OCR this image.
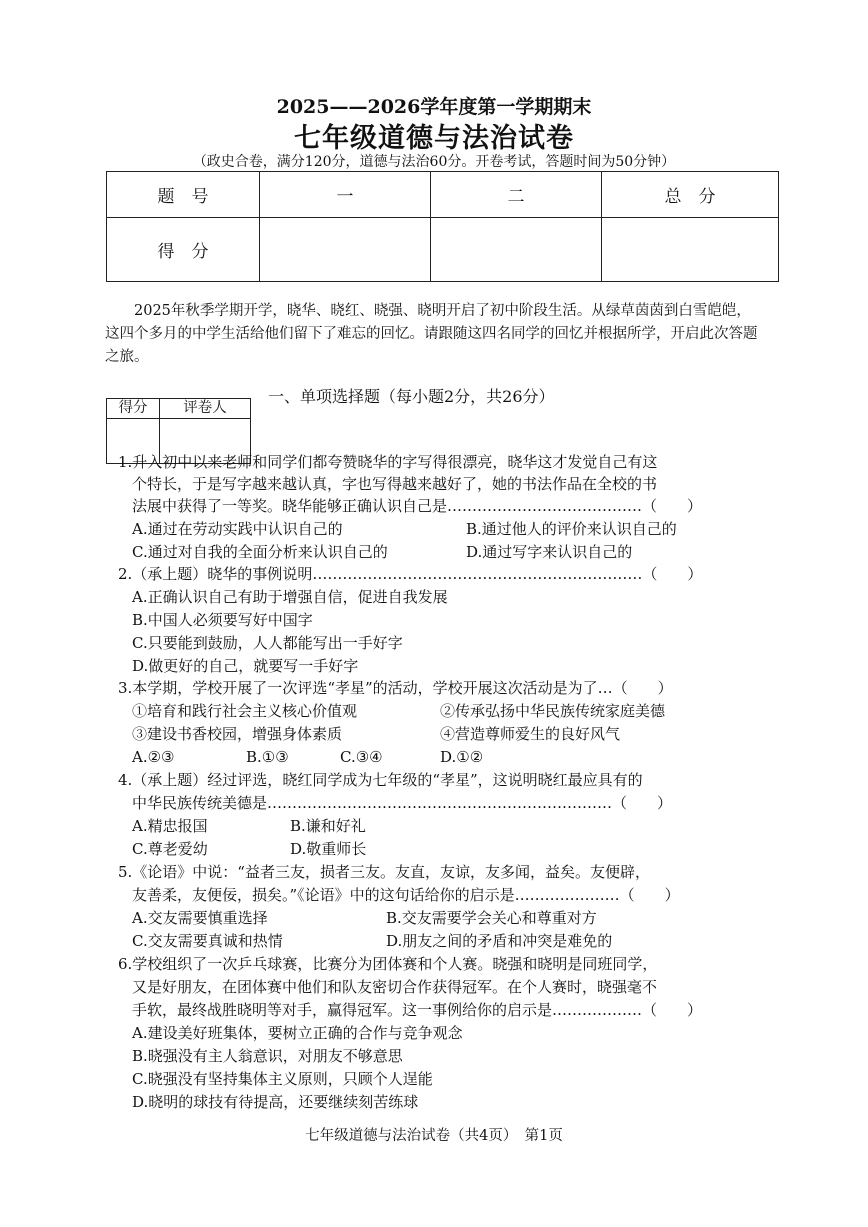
2025——2026学年度第一学期期末
七年级道德与法治试卷
（政史合卷，满分120分，道德与法治60分。开卷考试，答题时间为50分钟）
题　号	一	二	总　分
得　分			
2025年秋季学期开学，晓华、晓红、晓强、晓明开启了初中阶段生活。从绿草茵茵到白雪皑皑，这四个多月的中学生活给他们留下了难忘的回忆。请跟随这四名同学的回忆并根据所学，开启此次答题之旅。
得分	评卷人

一、单项选择题（每小题2分，共26分）
1.升入初中以来老师和同学们都夸赞晓华的字写得很漂亮，晓华这才发觉自己有这
个特长，于是写字越来越认真，字也写得越来越好了，她的书法作品在全校的书
法展中获得了一等奖。晓华能够正确认识自己是…………………………………（　　）
A.通过在劳动实践中认识自己的	B.通过他人的评价来认识自己的
C.通过对自我的全面分析来认识自己的	D.通过写字来认识自己的
2.（承上题）晓华的事例说明…………………………………………………………（　　）
A.正确认识自己有助于增强自信，促进自我发展
B.中国人必须要写好中国字
C.只要能到鼓励，人人都能写出一手好字
D.做更好的自己，就要写一手好字
3.本学期，学校开展了一次评选“孝星”的活动，学校开展这次活动是为了…（　　）
①培育和践行社会主义核心价值观	②传承弘扬中华民族传统家庭美德
③建设书香校园，增强身体素质	④营造尊师爱生的良好风气
A.②③	B.①③	C.③④	D.①②
4.（承上题）经过评选，晓红同学成为七年级的“孝星”，这说明晓红最应具有的
中华民族传统美德是……………………………………………………………（　　）
A.精忠报国	B.谦和好礼
C.尊老爱幼	D.敬重师长
5.《论语》中说：“益者三友，损者三友。友直，友谅，友多闻，益矣。友便辟，
友善柔，友便佞，损矣。”《论语》中的这句话给你的启示是…………………（　　）
A.交友需要慎重选择	B.交友需要学会关心和尊重对方
C.交友需要真诚和热情	D.朋友之间的矛盾和冲突是难免的
6.学校组织了一次乒乓球赛，比赛分为团体赛和个人赛。晓强和晓明是同班同学，
又是好朋友，在团体赛中他们和队友密切合作获得冠军。在个人赛时，晓强毫不
手软，最终战胜晓明等对手，赢得冠军。这一事例给你的启示是………………（　　）
A.建设美好班集体，要树立正确的合作与竞争观念
B.晓强没有主人翁意识，对朋友不够意思
C.晓强没有坚持集体主义原则，只顾个人逞能
D.晓明的球技有待提高，还要继续刻苦练球
七年级道德与法治试卷（共4页）　第1页
